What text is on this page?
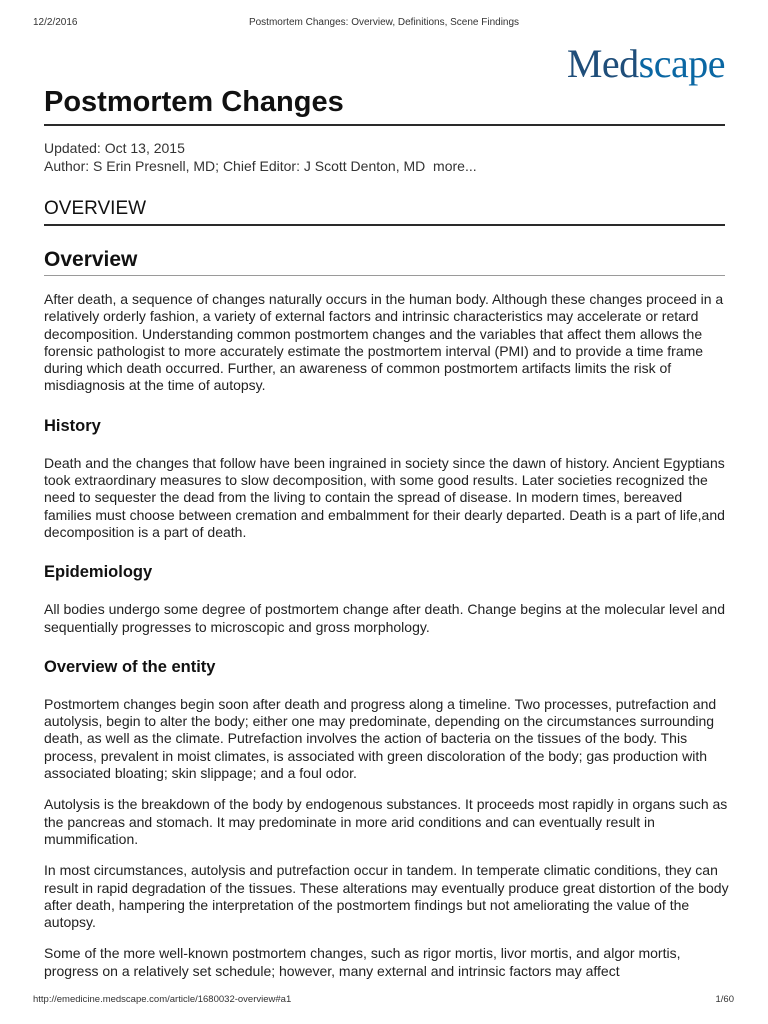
12/2/2016	Postmortem Changes: Overview, Definitions, Scene Findings
Medscape
Postmortem Changes
Updated: Oct 13, 2015
Author: S Erin Presnell, MD; Chief Editor: J Scott Denton, MD more...
OVERVIEW
Overview

After death, a sequence of changes naturally occurs in the human body. Although these changes proceed in a relatively orderly fashion, a variety of external factors and intrinsic characteristics may accelerate or retard decomposition. Understanding common postmortem changes and the variables that affect them allows the forensic pathologist to more accurately estimate the postmortem interval (PMI) and to provide a time frame during which death occurred. Further, an awareness of common postmortem artifacts limits the risk of misdiagnosis at the time of autopsy.

History

Death and the changes that follow have been ingrained in society since the dawn of history. Ancient Egyptians took extraordinary measures to slow decomposition, with some good results. Later societies recognized the need to sequester the dead from the living to contain the spread of disease. In modern times, bereaved families must choose between cremation and embalmment for their dearly departed. Death is a part of life,and decomposition is a part of death.

Epidemiology

All bodies undergo some degree of postmortem change after death. Change begins at the molecular level and sequentially progresses to microscopic and gross morphology.

Overview of the entity

Postmortem changes begin soon after death and progress along a timeline. Two processes, putrefaction and autolysis, begin to alter the body; either one may predominate, depending on the circumstances surrounding death, as well as the climate. Putrefaction involves the action of bacteria on the tissues of the body. This process, prevalent in moist climates, is associated with green discoloration of the body; gas production with associated bloating; skin slippage; and a foul odor.

Autolysis is the breakdown of the body by endogenous substances. It proceeds most rapidly in organs such as the pancreas and stomach. It may predominate in more arid conditions and can eventually result in mummification.

In most circumstances, autolysis and putrefaction occur in tandem. In temperate climatic conditions, they can result in rapid degradation of the tissues. These alterations may eventually produce great distortion of the body after death, hampering the interpretation of the postmortem findings but not ameliorating the value of the autopsy.

Some of the more well-known postmortem changes, such as rigor mortis, livor mortis, and algor mortis, progress on a relatively set schedule; however, many external and intrinsic factors may affect

http://emedicine.medscape.com/article/1680032-overview#a1	1/60
